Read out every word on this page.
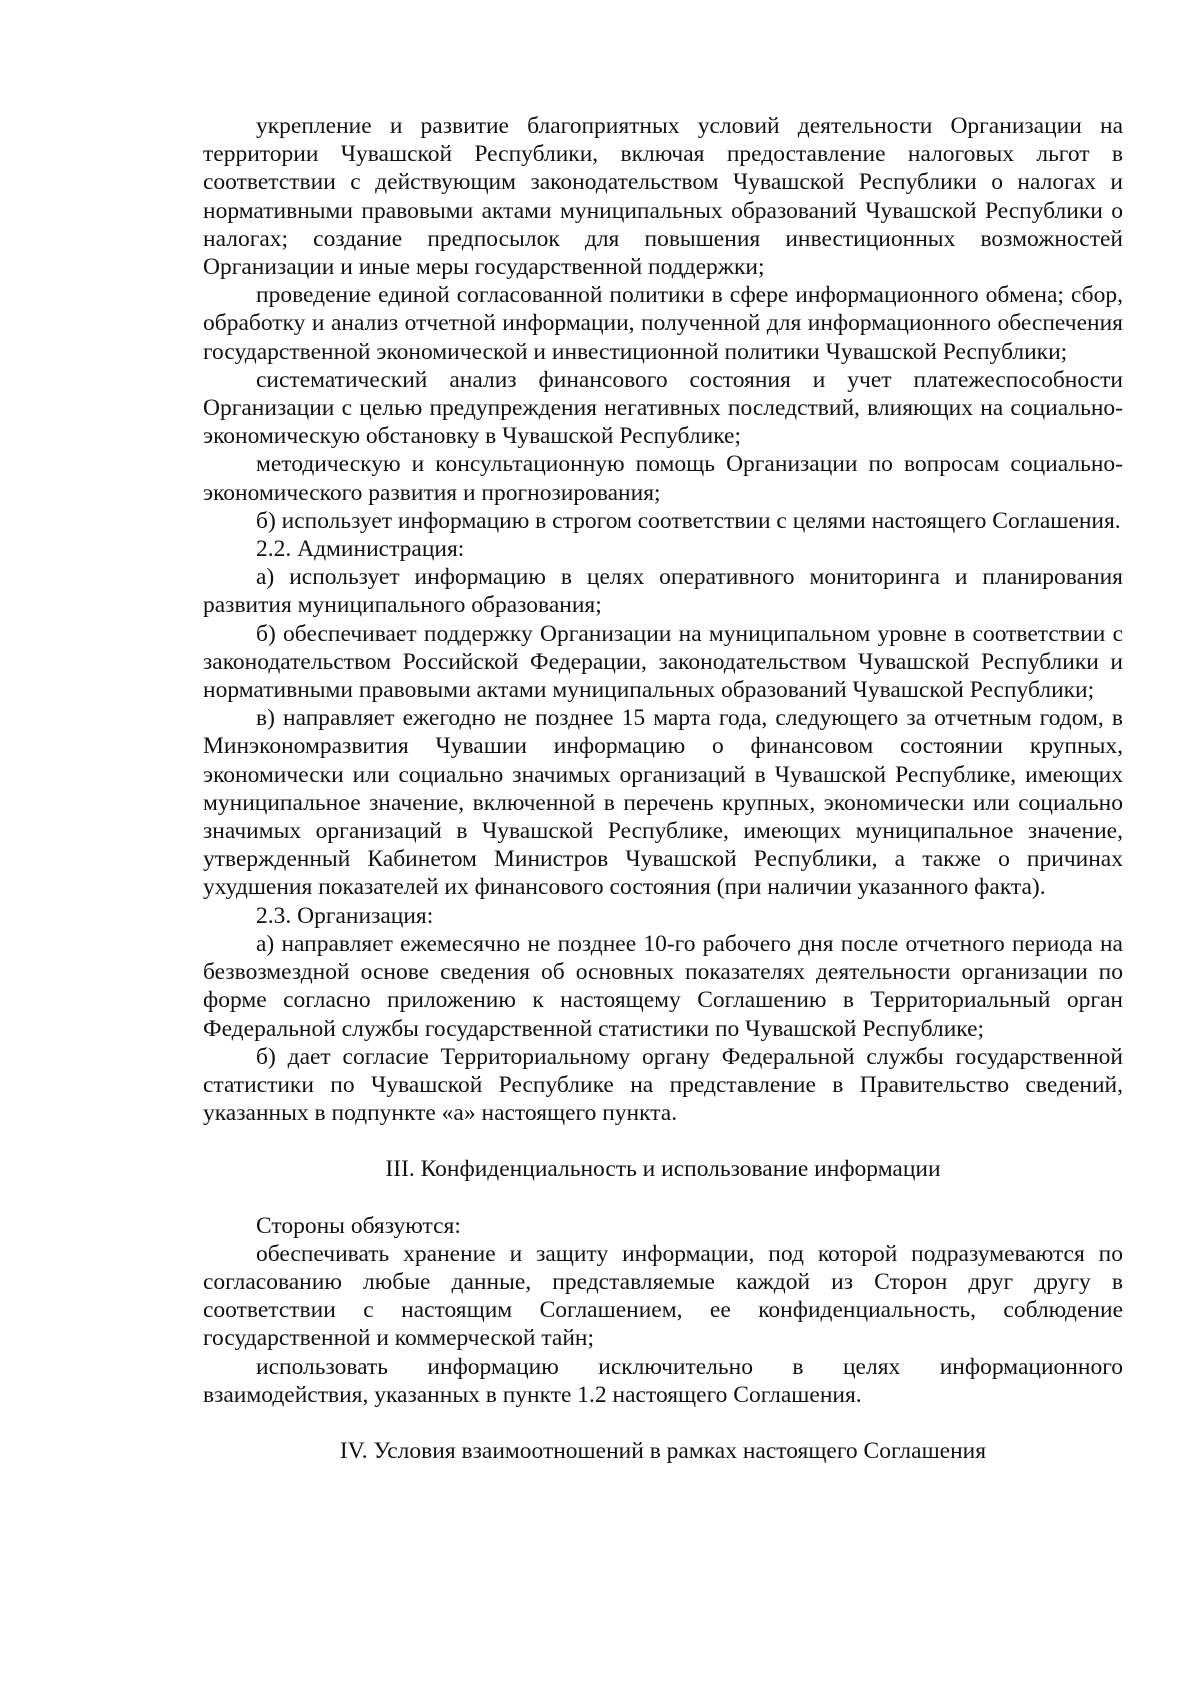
укрепление и развитие благоприятных условий деятельности Организации на территории Чувашской Республики, включая предоставление налоговых льгот в соответствии с действующим законодательством Чувашской Республики о налогах и нормативными правовыми актами муниципальных образований Чувашской Республики о налогах; создание предпосылок для повышения инвестиционных возможностей Организации и иные меры государственной поддержки;

проведение единой согласованной политики в сфере информационного обмена; сбор, обработку и анализ отчетной информации, полученной для информационного обеспечения государственной экономической и инвестиционной политики Чувашской Республики;

систематический анализ финансового состояния и учет платежеспособности Организации с целью предупреждения негативных последствий, влияющих на социально-экономическую обстановку в Чувашской Республике;

методическую и консультационную помощь Организации по вопросам социально-экономического развития и прогнозирования;

б) использует информацию в строгом соответствии с целями настоящего Соглашения.

2.2. Администрация:

а) использует информацию в целях оперативного мониторинга и планирования развития муниципального образования;

б) обеспечивает поддержку Организации на муниципальном уровне в соответствии с законодательством Российской Федерации, законодательством Чувашской Республики и нормативными правовыми актами муниципальных образований Чувашской Республики;

в) направляет ежегодно не позднее 15 марта года, следующего за отчетным годом, в Минэкономразвития Чувашии информацию о финансовом состоянии крупных, экономически или социально значимых организаций в Чувашской Республике, имеющих муниципальное значение, включенной в перечень крупных, экономически или социально значимых организаций в Чувашской Республике, имеющих муниципальное значение, утвержденный Кабинетом Министров Чувашской Республики, а также о причинах ухудшения показателей их финансового состояния (при наличии указанного факта).

2.3. Организация:

а) направляет ежемесячно не позднее 10-го рабочего дня после отчетного периода на безвозмездной основе сведения об основных показателях деятельности организации по форме согласно приложению к настоящему Соглашению в Территориальный орган Федеральной службы государственной статистики по Чувашской Республике;

б) дает согласие Территориальному органу Федеральной службы государственной статистики по Чувашской Республике на представление в Правительство сведений, указанных в подпункте «а» настоящего пункта.

III. Конфиденциальность и использование информации

Стороны обязуются:

обеспечивать хранение и защиту информации, под которой подразумеваются по согласованию любые данные, представляемые каждой из Сторон друг другу в соответствии с настоящим Соглашением, ее конфиденциальность, соблюдение государственной и коммерческой тайн;

использовать информацию исключительно в целях информационного взаимодействия, указанных в пункте 1.2 настоящего Соглашения.

IV. Условия взаимоотношений в рамках настоящего Соглашения
